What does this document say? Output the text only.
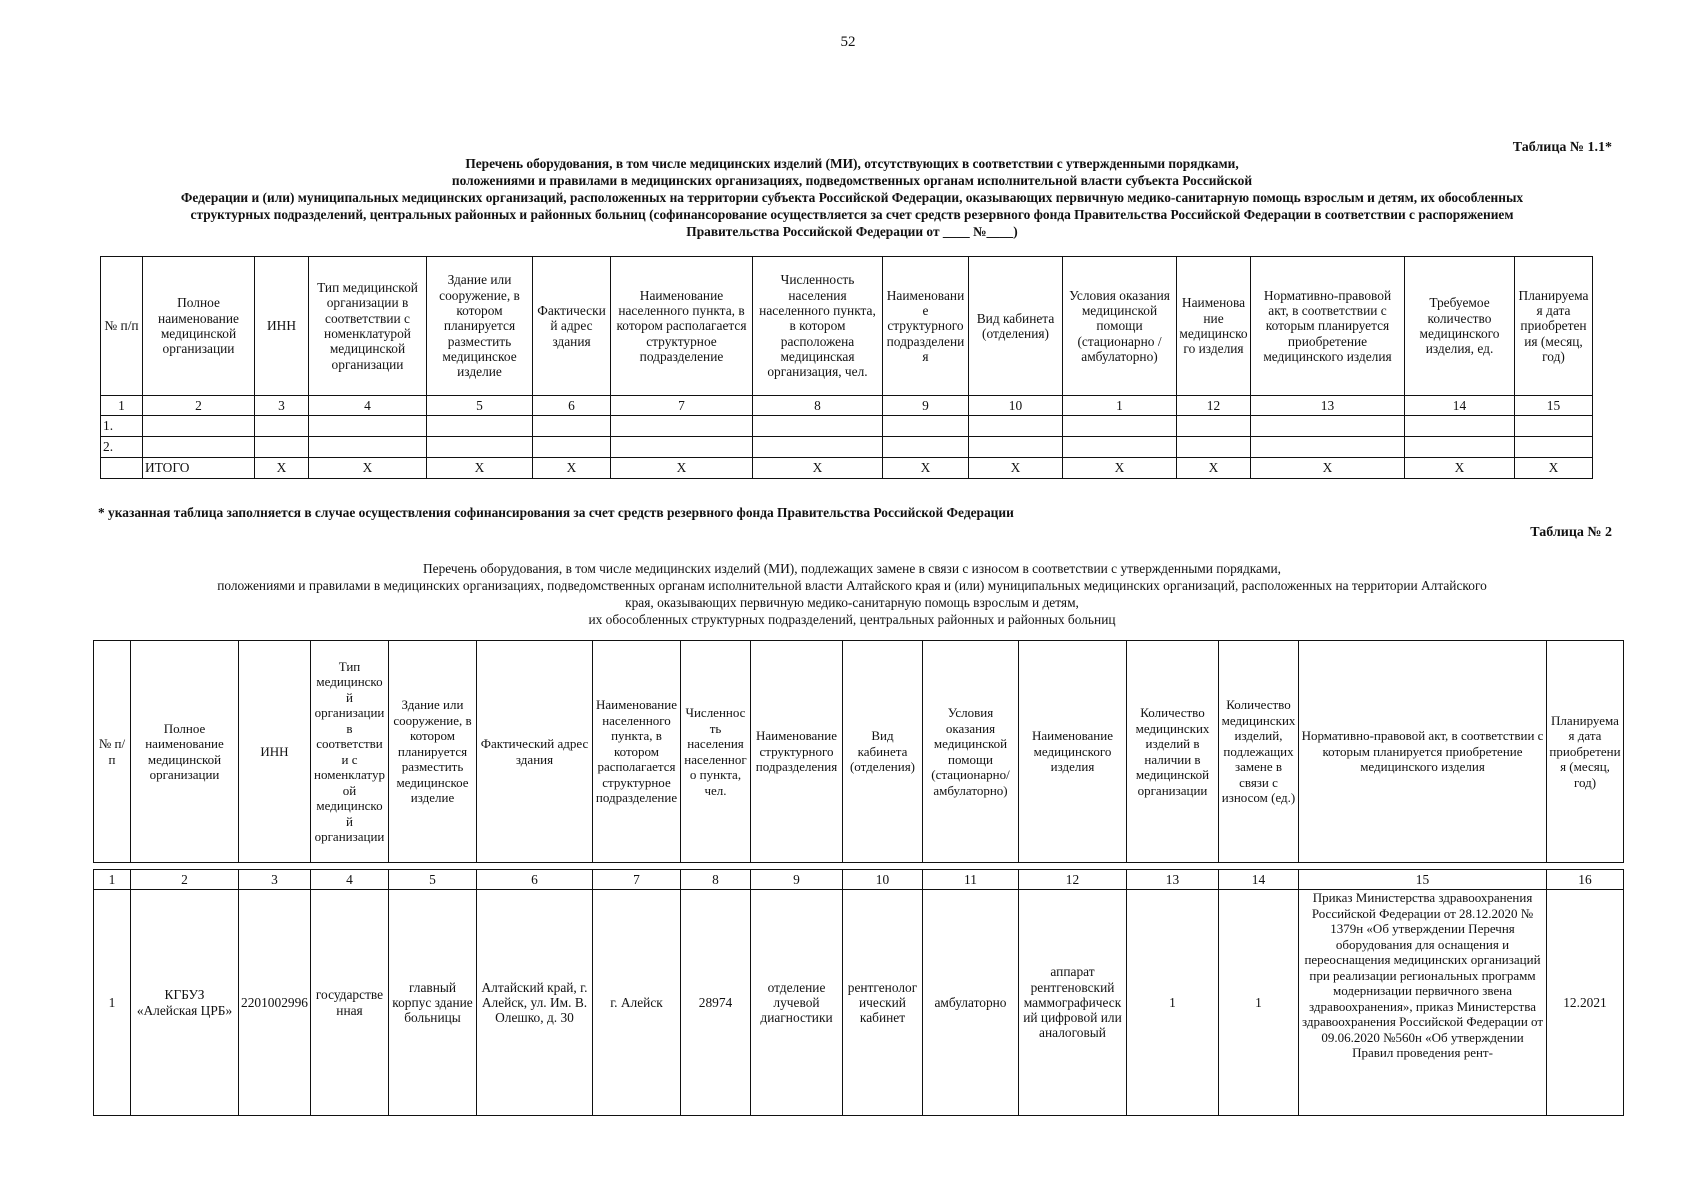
52
Таблица № 1.1*
Перечень оборудования, в том числе медицинских изделий (МИ), отсутствующих в соответствии с утвержденными порядками,
положениями и правилами в медицинских организациях, подведомственных органам исполнительной власти субъекта Российской
Федерации и (или) муниципальных медицинских организаций, расположенных на территории субъекта Российской Федерации, оказывающих первичную медико-санитарную помощь взрослым и детям, их обособленных
структурных подразделений, центральных районных и районных больниц (софинансорование осуществляется за счет средств резервного фонда Правительства Российской Федерации в соответствии с распоряжением
Правительства Российской Федерации от ____ №____)
№ п/п	Полное наименование медицинской организации	ИНН	Тип медицинской организации в соответствии с номенклатурой медицинской организации	Здание или сооружение, в котором планируется разместить медицинское изделие	Фактический адрес здания	Наименование населенного пункта, в котором располагается структурное подразделение	Численность населения населенного пункта, в котором расположена медицинская организация, чел.	Наименование структурного подразделения	Вид кабинета (отделения)	Условия оказания медицинской помощи (стационарно /амбулаторно)	Наименование медицинского изделия	Нормативно-правовой акт, в соответствии с которым планируется приобретение медицинского изделия	Требуемое количество медицинского изделия, ед.	Планируемая дата приобретения (месяц, год)
1	2	3	4	5	6	7	8	9	10	1	12	13	14	15
1.														
2.														
	ИТОГО	X	X	X	X	X	X	X	X	X	X	X	X	X
* указанная таблица заполняется в случае осуществления софинансирования за счет средств резервного фонда Правительства Российской Федерации
Таблица № 2
Перечень оборудования, в том числе медицинских изделий (МИ), подлежащих замене в связи с износом в соответствии с утвержденными порядками,
положениями и правилами в медицинских организациях, подведомственных органам исполнительной власти Алтайского края и (или) муниципальных медицинских организаций, расположенных на территории Алтайского
края, оказывающих первичную медико-санитарную помощь взрослым и детям,
их обособленных структурных подразделений, центральных районных и районных больниц
№ п/п	Полное наименование медицинской организации	ИНН	Тип медицинской организации в соответствии с номенклатурой медицинской организации	Здание или сооружение, в котором планируется разместить медицинское изделие	Фактический адрес здания	Наименование населенного пункта, в котором располагается структурное подразделение	Численность населения населенного пункта, чел.	Наименование структурного подразделения	Вид кабинета (отделения)	Условия оказания медицинской помощи (стационарно/амбулаторно)	Наименование медицинского изделия	Количество медицинских изделий в наличии в медицинской организации	Количество медицинских изделий, подлежащих замене в связи с износом (ед.)	Нормативно-правовой акт, в соответствии с которым планируется приобретение медицинского изделия	Планируемая дата приобретения (месяц, год)

1	2	3	4	5	6	7	8	9	10	11	12	13	14	15	16
1	КГБУЗ «Алейская ЦРБ»	2201002996	государственная	главный корпус здание больницы	Алтайский край, г. Алейск, ул. Им. В. Олешко, д. 30	г. Алейск	28974	отделение лучевой диагностики	рентгенологический кабинет	амбулаторно	аппарат рентгеновский маммографический цифровой или аналоговый	1	1	Приказ Министерства здравоохранения Российской Федерации от 28.12.2020 № 1379н «Об утверждении Перечня оборудования для оснащения и переоснащения медицинских организаций при реализации региональных программ модернизации первичного звена здравоохранения», приказ Министерства здравоохранения Российской Федерации от 09.06.2020 №560н «Об утверждении Правил проведения рент-	12.2021
